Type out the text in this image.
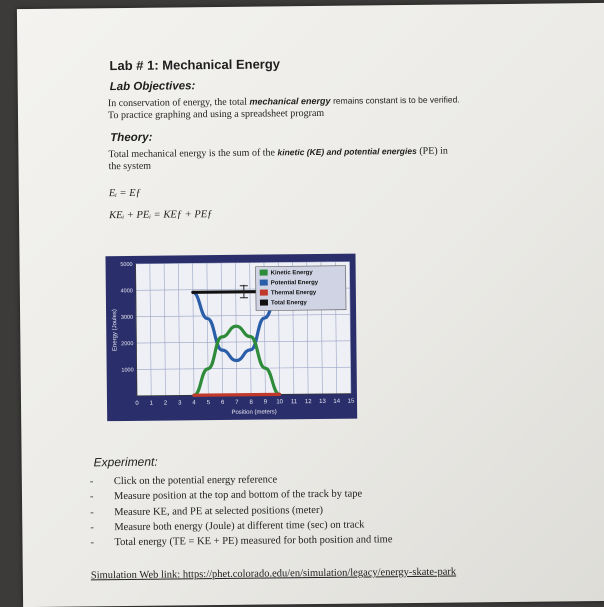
Lab # 1: Mechanical Energy
Lab Objectives:
In conservation of energy, the total mechanical energy remains constant is to be verified.
To practice graphing and using a spreadsheet program
Theory:
Total mechanical energy is the sum of the kinetic (KE) and potential energies (PE) in
the system
Eᵢ = Eƒ
KEᵢ + PEᵢ = KEƒ + PEƒ
0 1 2 3 4 5 6 7 8 9 10 11 12 13 14 15
1000
2000
3000
4000
5000
Position (meters)
Energy (Joules)
Kinetic Energy
Potential Energy
Thermal Energy
Total Energy
Experiment:
- Click on the potential energy reference
- Measure position at the top and bottom of the track by tape
- Measure KE, and PE at selected positions (meter)
- Measure both energy (Joule) at different time (sec) on track
- Total energy (TE = KE + PE) measured for both position and time
Simulation Web link: https://phet.colorado.edu/en/simulation/legacy/energy-skate-park
